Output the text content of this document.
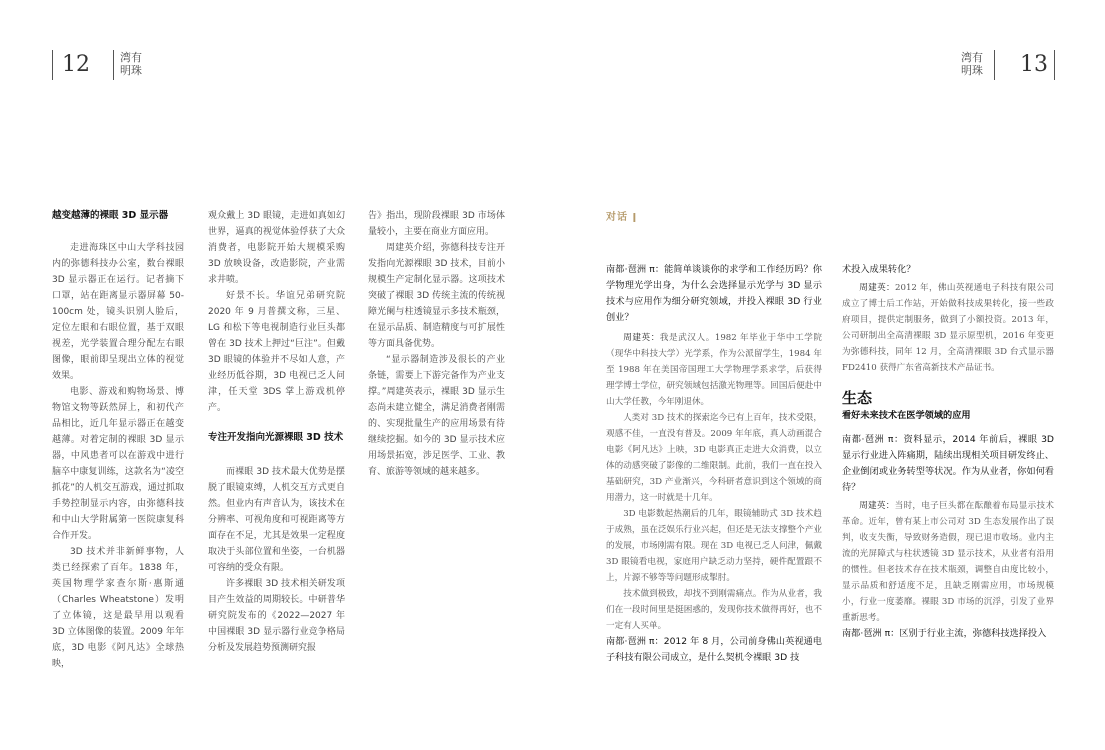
12	湾有
明珠
湾有
明珠	13
越变越薄的裸眼 3D 显示器

走进海珠区中山大学科技园内的弥德科技办公室，数台裸眼 3D 显示器正在运行。记者摘下口罩，站在距离显示器屏幕 50-100cm 处，镜头识别人脸后，定位左眼和右眼位置，基于双眼视差，光学装置合理分配左右眼图像，眼前即呈现出立体的视觉效果。

电影、游戏和购物场景、博物馆文物等跃然屏上，和初代产品相比，近几年显示器正在越变越薄。对着定制的裸眼 3D 显示器，中风患者可以在游戏中进行脑卒中康复训练，这款名为“凌空抓花”的人机交互游戏，通过抓取手势控制显示内容，由弥德科技和中山大学附属第一医院康复科合作开发。

3D 技术并非新鲜事物，人类已经探索了百年。1838 年，英国物理学家查尔斯·惠斯通（Charles Wheatstone）发明了立体镜，这是最早用以观看 3D 立体图像的装置。2009 年年底，3D 电影《阿凡达》全球热映，

观众戴上 3D 眼镜，走进如真如幻世界，逼真的视觉体验俘获了大众消费者，电影院开始大规模采购 3D 放映设备，改造影院，产业需求井喷。

好景不长。华谊兄弟研究院 2020 年 9 月普撰文称，三星、LG 和松下等电视制造行业巨头都曾在 3D 技术上押过“巨注”。但戴 3D 眼镜的体验并不尽如人意，产业经历低谷期，3D 电视已乏人问津，任天堂 3DS 掌上游戏机停产。

专注开发指向光源裸眼 3D 技术

而裸眼 3D 技术最大优势是摆脱了眼镜束缚，人机交互方式更自然。但业内有声音认为，该技术在分辨率、可视角度和可视距离等方面存在不足，尤其是效果一定程度取决于头部位置和坐姿，一台机器可容纳的受众有限。

许多裸眼 3D 技术相关研发项目产生效益的周期较长。中研普华研究院发布的《2022—2027 年中国裸眼 3D 显示器行业竞争格局分析及发展趋势预测研究报

告》指出，现阶段裸眼 3D 市场体量较小，主要在商业方面应用。

周建英介绍，弥德科技专注开发指向光源裸眼 3D 技术，目前小规模生产定制化显示器。这项技术突破了裸眼 3D 传统主流的传统视障光阑与柱透镜显示多技术瓶颈，在显示品质、制造精度与可扩展性等方面具备优势。

“显示器制造涉及很长的产业条链，需要上下游完备作为产业支撑。”周建英表示，裸眼 3D 显示生态尚未建立健全，满足消费者刚需的、实现批量生产的应用场景有待继续挖掘。如今的 3D 显示技术应用场景拓宽，涉足医学、工业、教育、旅游等领域的越来越多。

对话 ǀ

南都·琶洲 π：能简单谈谈你的求学和工作经历吗？你学物理光学出身，为什么会选择显示光学与 3D 显示技术与应用作为细分研究领域，并投入裸眼 3D 行业创业？

周建英：我是武汉人。1982 年毕业于华中工学院（现华中科技大学）光学系，作为公派留学生，1984 年至 1988 年在美国帝国理工大学物理学系求学，后获得理学博士学位，研究领域包括激光物理等。回国后便赴中山大学任教，今年刚退休。

人类对 3D 技术的探索迄今已有上百年，技术受限，观感不佳，一直没有普及。2009 年年底，真人动画混合电影《阿凡达》上映，3D 电影真正走进大众消费，以立体的动感突破了影像的二维限制。此前，我们一直在投入基础研究，3D 产业渐兴，今科研者意识到这个领域的商用潜力，这一时就是十几年。

3D 电影数起热潮后的几年，眼镜辅助式 3D 技术趋于成熟，虽在泛娱乐行业兴起，但还是无法支撑整个产业的发展，市场刚需有限。现在 3D 电视已乏人问津，佩戴 3D 眼镜看电视，家庭用户缺乏动力坚持，硬件配置跟不上，片源不够等等问题形成掣肘。

技术做到极致，却找不到刚需痛点。作为从业者，我们在一段时间里是挺困惑的，发现你技术做得再好，也不一定有人买单。

南都·琶洲 π：2012 年 8 月，公司前身佛山英视通电子科技有限公司成立，是什么契机令裸眼 3D 技

术投入成果转化？

周建英：2012 年，佛山英视通电子科技有限公司成立了博士后工作站，开始做科技成果转化，接一些政府项目，提供定制服务，做到了小额投资。2013 年，公司研制出全高清裸眼 3D 显示原型机，2016 年变更为弥德科技，同年 12 月，全高清裸眼 3D 台式显示器 FD2410 获得广东省高新技术产品证书。

生态

看好未来技术在医学领域的应用

南都·琶洲 π：资料显示，2014 年前后，裸眼 3D 显示行业进入阵痛期，陆续出现相关项目研发终止、企业倒闭或业务转型等状况。作为从业者，你如何看待？

周建英：当时，电子巨头都在酝酿着布局显示技术革命。近年，曾有某上市公司对 3D 生态发展作出了误判，收支失衡，导致财务造假，现已退市收场。业内主流的光屏障式与柱状透镜 3D 显示技术，从业者有沿用的惯性。但老技术存在技术瓶颈，调整自由度比较小，显示品质和舒适度不足，且缺乏刚需应用，市场规模小，行业一度萎靡。裸眼 3D 市场的沉浮，引发了业界重新思考。

南都·琶洲 π：区别于行业主流，弥德科技选择投入
